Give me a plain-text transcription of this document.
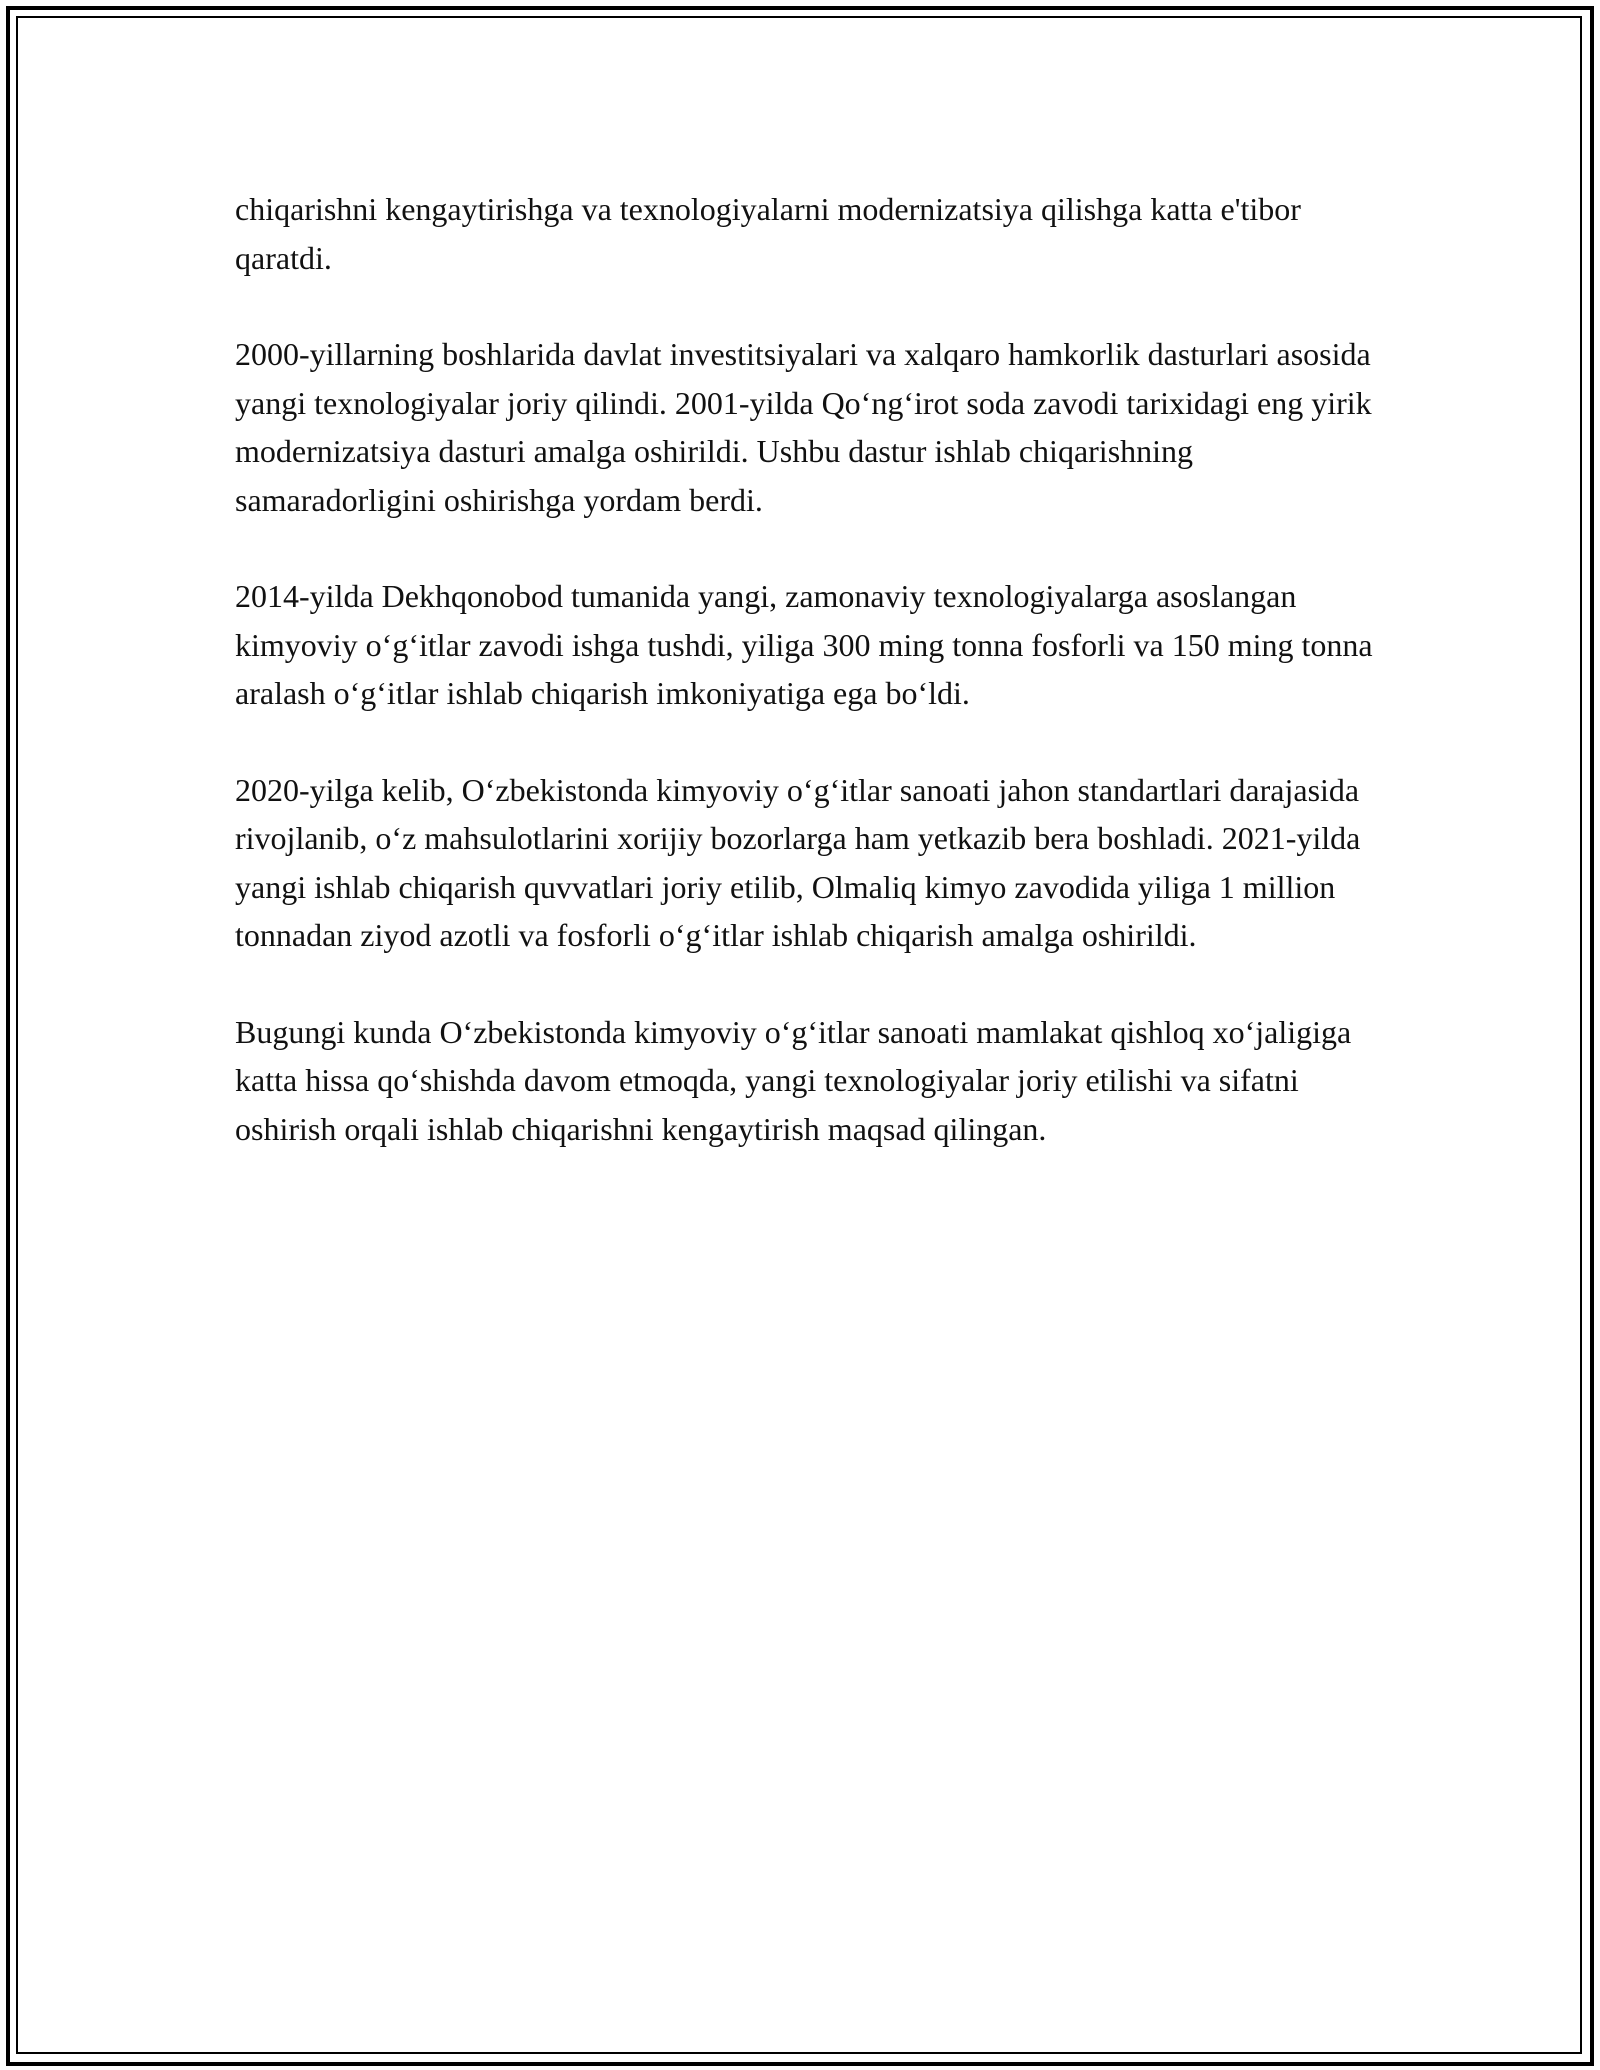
chiqarishni kengaytirishga va texnologiyalarni modernizatsiya qilishga katta e'tibor qaratdi.

2000-yillarning boshlarida davlat investitsiyalari va xalqaro hamkorlik dasturlari asosida yangi texnologiyalar joriy qilindi. 2001-yilda Qoʻngʻirot soda zavodi tarixidagi eng yirik modernizatsiya dasturi amalga oshirildi. Ushbu dastur ishlab chiqarishning samaradorligini oshirishga yordam berdi.

2014-yilda Dekhqonobod tumanida yangi, zamonaviy texnologiyalarga asoslangan kimyoviy oʻgʻitlar zavodi ishga tushdi, yiliga 300 ming tonna fosforli va 150 ming tonna aralash oʻgʻitlar ishlab chiqarish imkoniyatiga ega boʻldi.

2020-yilga kelib, Oʻzbekistonda kimyoviy oʻgʻitlar sanoati jahon standartlari darajasida rivojlanib, oʻz mahsulotlarini xorijiy bozorlarga ham yetkazib bera boshladi. 2021-yilda yangi ishlab chiqarish quvvatlari joriy etilib, Olmaliq kimyo zavodida yiliga 1 million tonnadan ziyod azotli va fosforli oʻgʻitlar ishlab chiqarish amalga oshirildi.

Bugungi kunda Oʻzbekistonda kimyoviy oʻgʻitlar sanoati mamlakat qishloq xoʻjaligiga katta hissa qoʻshishda davom etmoqda, yangi texnologiyalar joriy etilishi va sifatni oshirish orqali ishlab chiqarishni kengaytirish maqsad qilingan.
